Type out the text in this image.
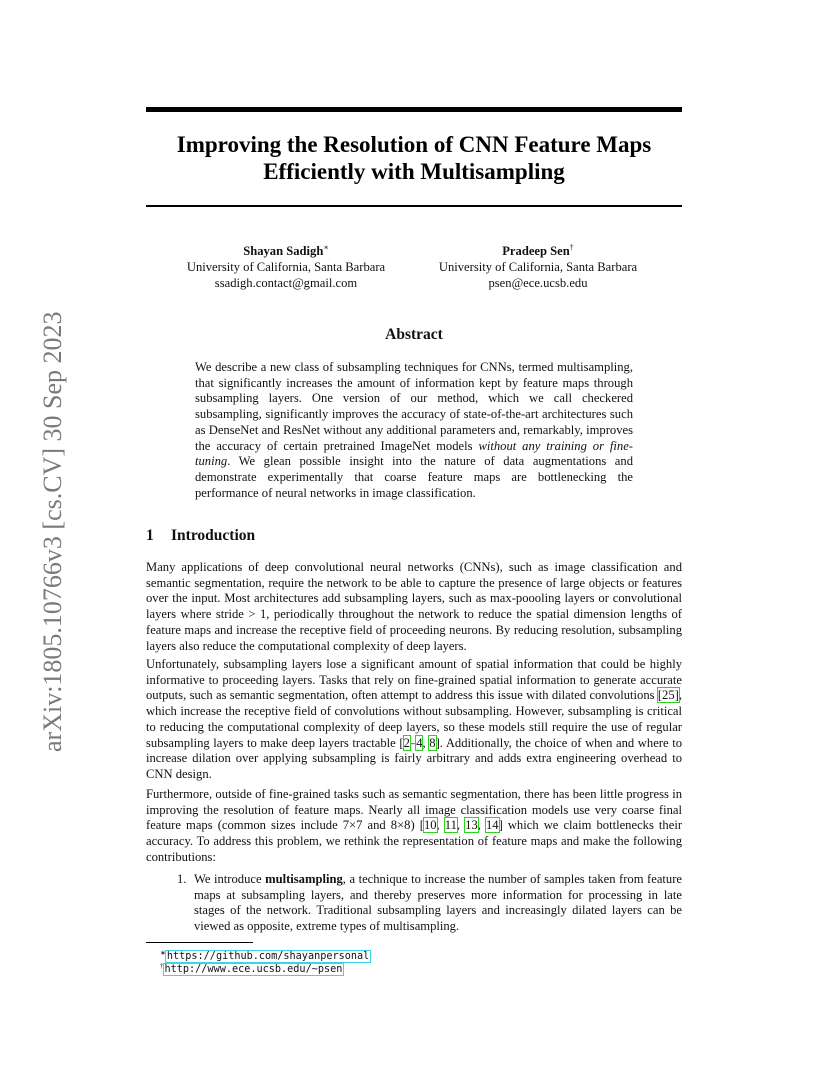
arXiv:1805.10766v3 [cs.CV] 30 Sep 2023
Improving the Resolution of CNN Feature Maps
Efficiently with Multisampling
Shayan Sadigh∗
University of California, Santa Barbara
ssadigh.contact@gmail.com
Pradeep Sen†
University of California, Santa Barbara
psen@ece.ucsb.edu
Abstract
We describe a new class of subsampling techniques for CNNs, termed multisampling, that significantly increases the amount of information kept by feature maps through subsampling layers. One version of our method, which we call checkered subsampling, significantly improves the accuracy of state-of-the-art architectures such as DenseNet and ResNet without any additional parameters and, remarkably, improves the accuracy of certain pretrained ImageNet models without any training or fine-tuning. We glean possible insight into the nature of data augmentations and demonstrate experimentally that coarse feature maps are bottlenecking the performance of neural networks in image classification.
1 Introduction
Many applications of deep convolutional neural networks (CNNs), such as image classification and semantic segmentation, require the network to be able to capture the presence of large objects or features over the input. Most architectures add subsampling layers, such as max-poooling layers or convolutional layers where stride > 1, periodically throughout the network to reduce the spatial dimension lengths of feature maps and increase the receptive field of proceeding neurons. By reducing resolution, subsampling layers also reduce the computational complexity of deep layers.
Unfortunately, subsampling layers lose a significant amount of spatial information that could be highly informative to proceeding layers. Tasks that rely on fine-grained spatial information to generate accurate outputs, such as semantic segmentation, often attempt to address this issue with dilated convolutions [25], which increase the receptive field of convolutions without subsampling. However, subsampling is critical to reducing the computational complexity of deep layers, so these models still require the use of regular subsampling layers to make deep layers tractable [2–4, 8]. Additionally, the choice of when and where to increase dilation over applying subsampling is fairly arbitrary and adds extra engineering overhead to CNN design.
Furthermore, outside of fine-grained tasks such as semantic segmentation, there has been little progress in improving the resolution of feature maps. Nearly all image classification models use very coarse final feature maps (common sizes include 7×7 and 8×8) [10, 11, 13, 14] which we claim bottlenecks their accuracy. To address this problem, we rethink the representation of feature maps and make the following contributions:
1. We introduce multisampling, a technique to increase the number of samples taken from feature maps at subsampling layers, and thereby preserves more information for processing in late stages of the network. Traditional subsampling layers and increasingly dilated layers can be viewed as opposite, extreme types of multisampling.
∗https://github.com/shayanpersonal
†http://www.ece.ucsb.edu/~psen
